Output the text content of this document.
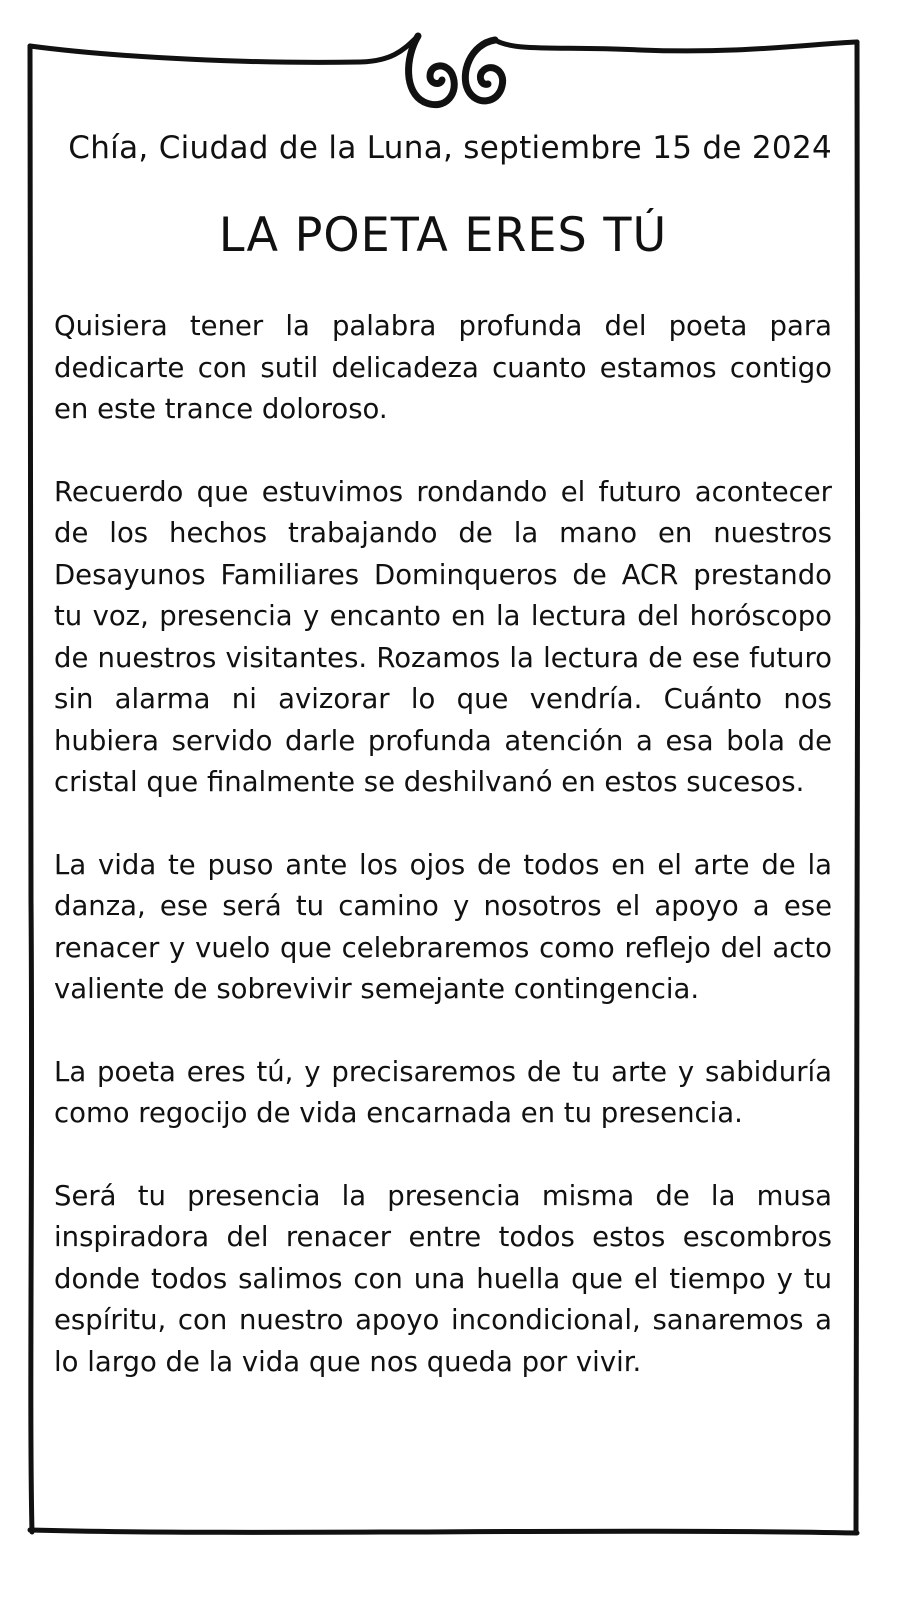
Chía, Ciudad de la Luna, septiembre 15 de 2024

LA POETA ERES TÚ

Quisiera tener la palabra profunda del poeta para dedicarte con sutil delicadeza cuanto estamos contigo en este trance doloroso.

Recuerdo que estuvimos rondando el futuro acontecer de los hechos trabajando de la mano en nuestros Desayunos Familiares Dominqueros de ACR prestando tu voz, presencia y encanto en la lectura del horóscopo de nuestros visitantes. Rozamos la lectura de ese futuro sin alarma ni avizorar lo que vendría. Cuánto nos hubiera servido darle profunda atención a esa bola de cristal que finalmente se deshilvanó en estos sucesos.

La vida te puso ante los ojos de todos en el arte de la danza, ese será tu camino y nosotros el apoyo a ese renacer y vuelo que celebraremos como reflejo del acto valiente de sobrevivir semejante contingencia.

La poeta eres tú, y precisaremos de tu arte y sabiduría como regocijo de vida encarnada en tu presencia.

Será tu presencia la presencia misma de la musa inspiradora del renacer entre todos estos escombros donde todos salimos con una huella que el tiempo y tu espíritu, con nuestro apoyo incondicional, sanaremos a lo largo de la vida que nos queda por vivir.
